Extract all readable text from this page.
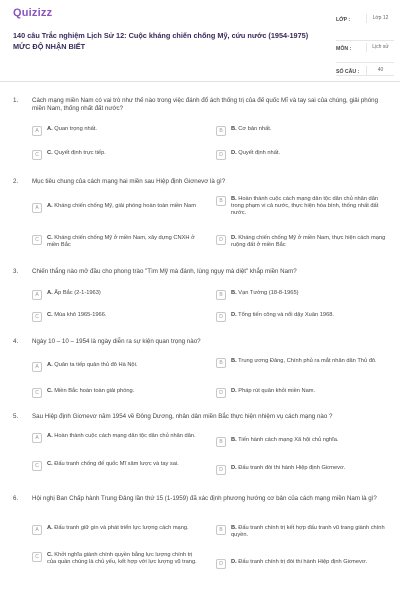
Quizizz
140 câu Trắc nghiệm Lịch Sử 12: Cuộc kháng chiến chống Mỹ, cứu nước (1954-1975)
MỨC ĐỘ NHẬN BIẾT
LỚP :	Lớp 12
MÔN :	Lịch sử
SỐ CÂU :	40
1. Cách mạng miền Nam có vai trò như thế nào trong việc đánh đổ ách thống trị của đế quốc Mĩ và tay sai của chúng, giải phóng miền Nam, thống nhất đất nước?
A	A. Quan trọng nhất.	B	B. Cơ bản nhất.
C	C. Quyết định trực tiếp.	D	D. Quyết định nhất.
2. Mục tiêu chung của cách mạng hai miền sau Hiệp định Giơnevơ là gì?
A	A. Kháng chiến chống Mỹ, giải phóng hoàn toàn miền Nam
B	B. Hoàn thành cuộc cách mạng dân tộc dân chủ nhân dân trong phạm vi cả nước, thực hiện hòa bình, thống nhất đất nước.
C	C. Kháng chiến chống Mỹ ở miền Nam, xây dựng CNXH ở miền Bắc
D	D. Kháng chiến chống Mỹ ở miền Nam, thực hiện cách mạng ruộng đất ở miền Bắc
3. Chiến thắng nào mở đầu cho phong trào "Tìm Mỹ mà đánh, lùng ngụy mà diệt" khắp miền Nam?
A	A. Ấp Bắc (2-1-1963)	B	B. Vạn Tường (18-8-1965)
C	C. Mùa khô 1965-1966.	D	D. Tổng tiến công và nổi dậy Xuân 1968.
4. Ngày 10 – 10 – 1954 là ngày diễn ra sự kiện quan trọng nào?
A	A. Quân ta tiếp quản thủ đô Hà Nội.	B	B. Trung ương Đảng, Chính phủ ra mắt nhân dân Thủ đô.
C	C. Miền Bắc hoàn toàn giải phóng.	D	D. Pháp rút quân khỏi miền Nam.
5. Sau Hiệp định Giơnevơ năm 1954 về Đông Dương, nhân dân miền Bắc thực hiện nhiệm vụ cách mạng nào ?
A	A. Hoàn thành cuộc cách mạng dân tộc dân chủ nhân dân.
B	B. Tiến hành cách mạng Xã hội chủ nghĩa.
C	C. Đấu tranh chống đế quốc Mĩ xâm lược và tay sai.
D	D. Đấu tranh đòi thi hành Hiệp định Giơnevơ.
6. Hội nghị Ban Chấp hành Trung Đảng lần thứ 15 (1-1959) đã xác định phương hướng cơ bản của cách mạng miền Nam là gì?
A	A. Đấu tranh giữ gìn và phát triển lực lượng cách mạng.	B	B. Đấu tranh chính trị kết hợp đấu tranh vũ trang giành chính quyền.
C	C. Khởi nghĩa giành chính quyền bằng lực lượng chính trị của quần chúng là chủ yếu, kết hợp với lực lượng vũ trang.	D	D. Đấu tranh chính trị đòi thi hành Hiệp định Giơnevơ.
